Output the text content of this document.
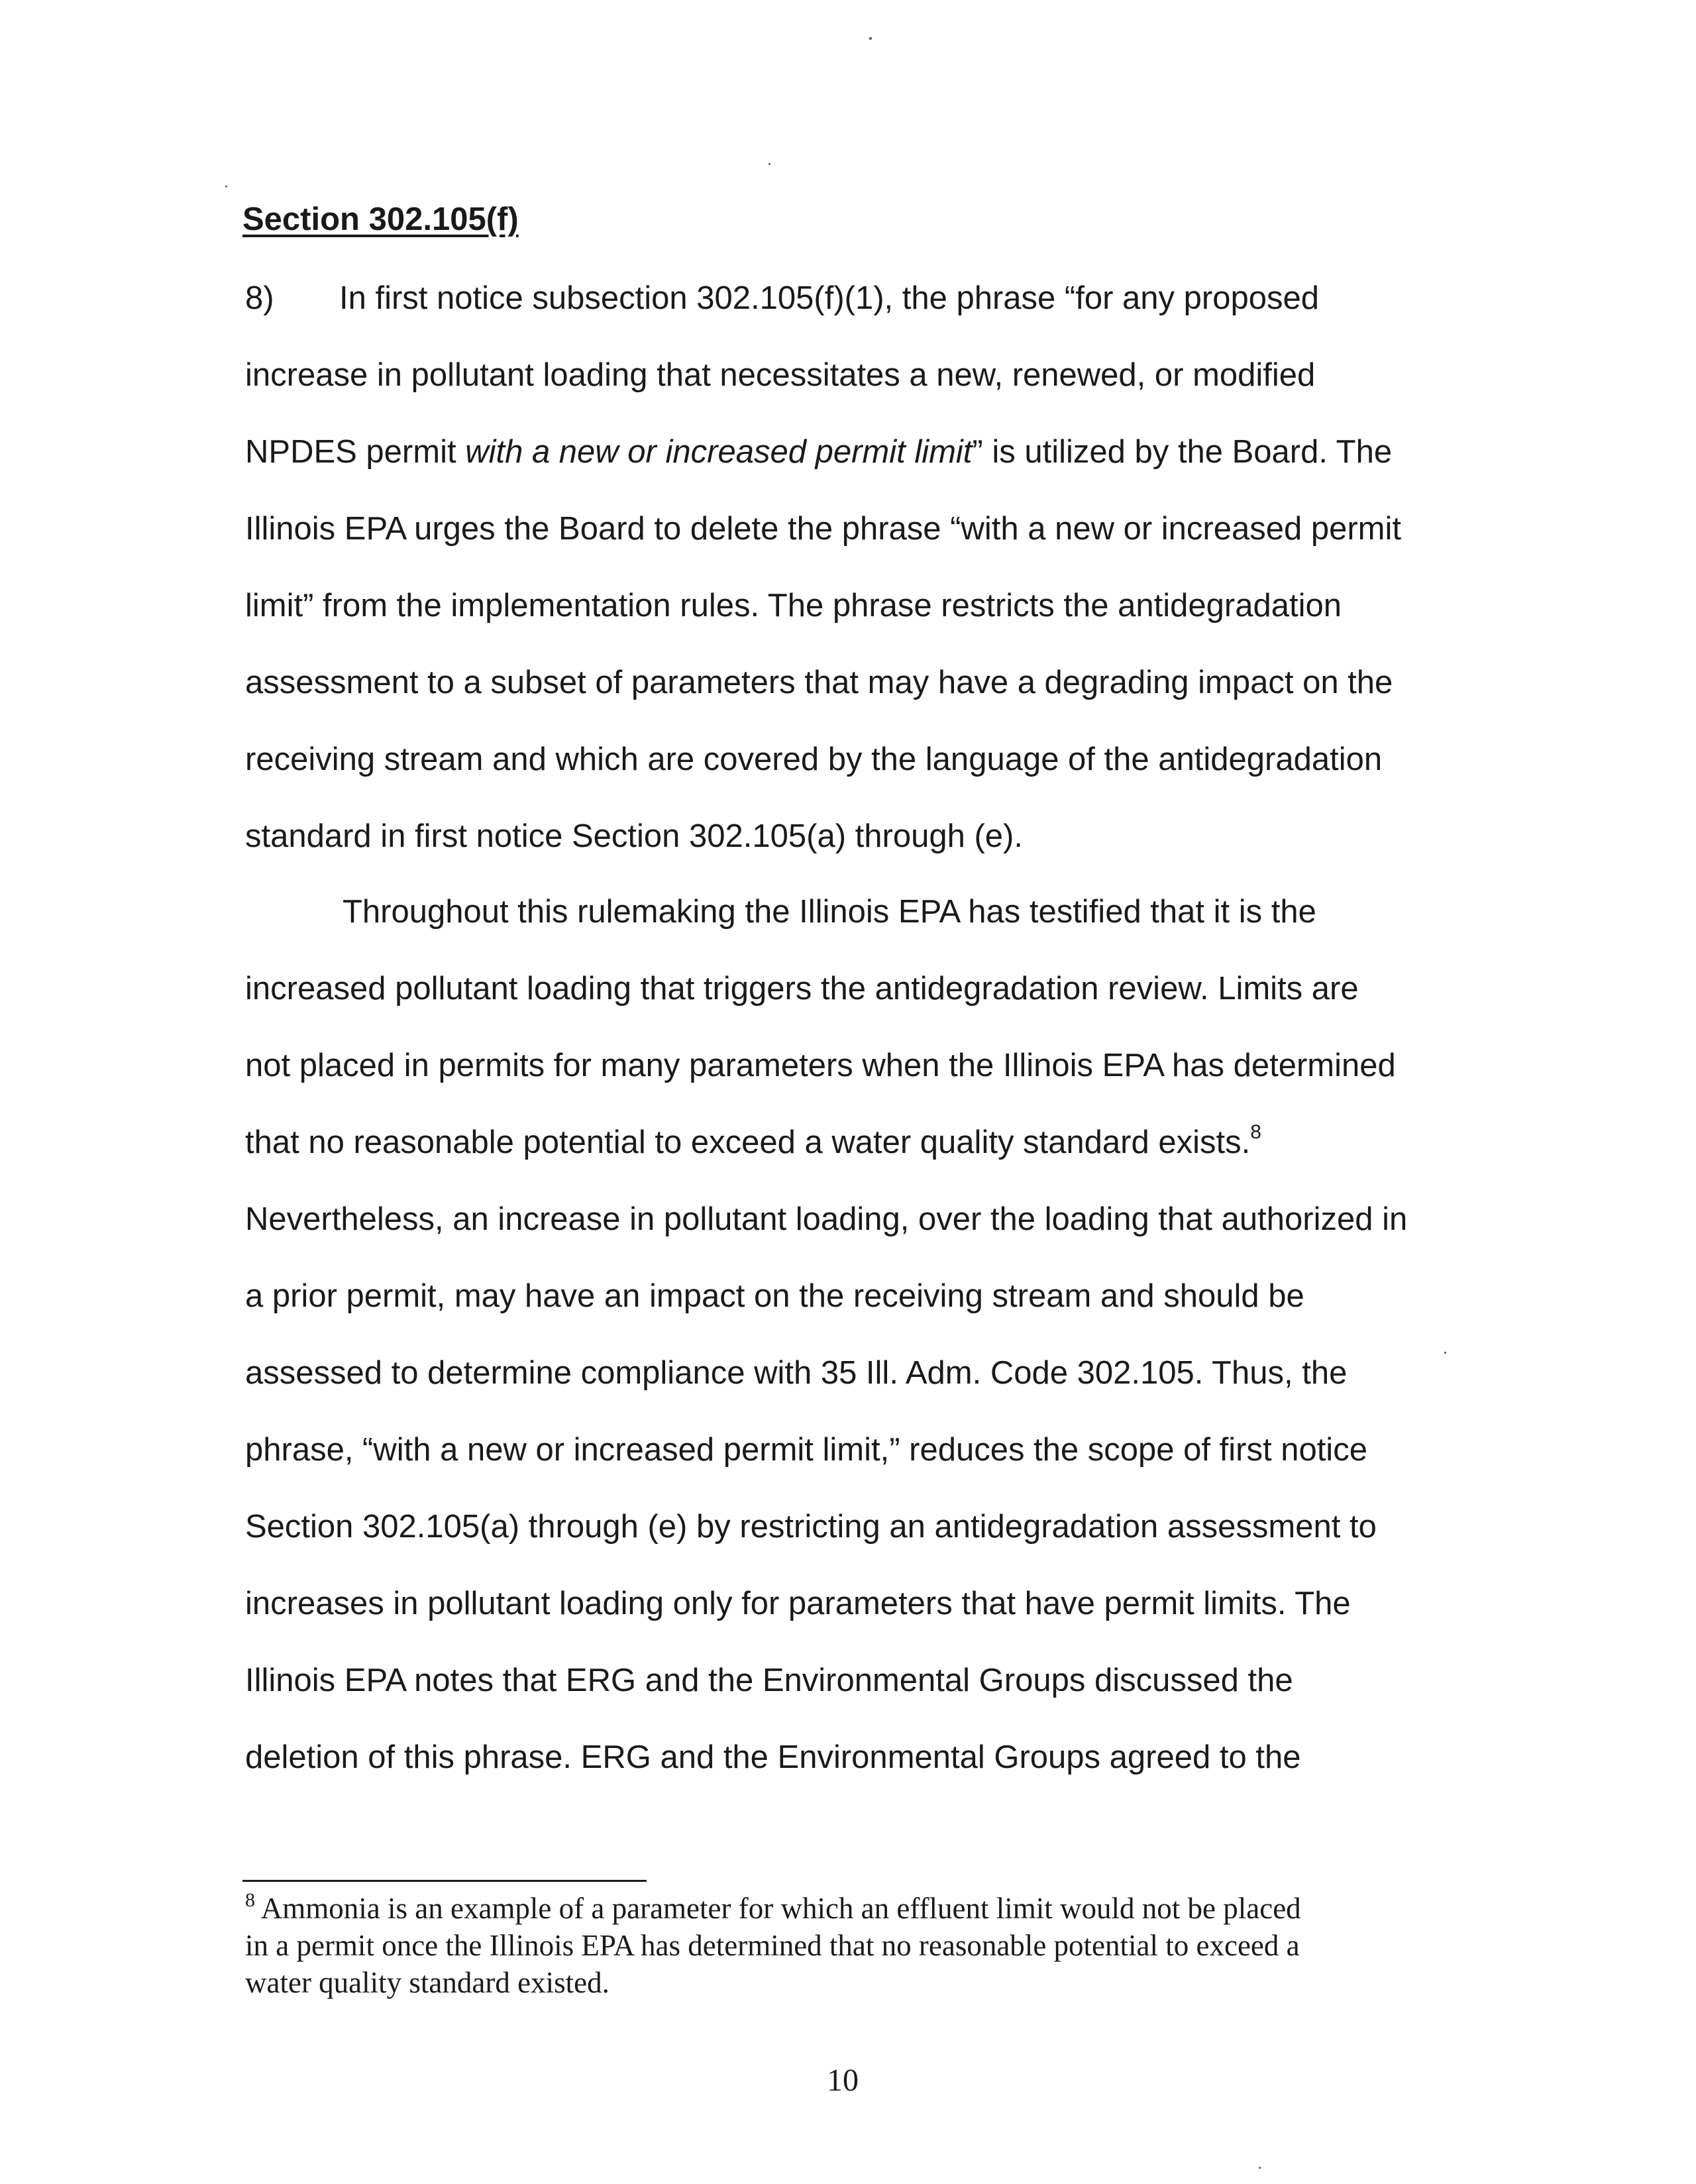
Section 302.105(f)
8) In first notice subsection 302.105(f)(1), the phrase “for any proposed
increase in pollutant loading that necessitates a new, renewed, or modified
NPDES permit with a new or increased permit limit” is utilized by the Board. The
Illinois EPA urges the Board to delete the phrase “with a new or increased permit
limit” from the implementation rules. The phrase restricts the antidegradation
assessment to a subset of parameters that may have a degrading impact on the
receiving stream and which are covered by the language of the antidegradation
standard in first notice Section 302.105(a) through (e).
Throughout this rulemaking the Illinois EPA has testified that it is the
increased pollutant loading that triggers the antidegradation review. Limits are
not placed in permits for many parameters when the Illinois EPA has determined
that no reasonable potential to exceed a water quality standard exists.$^8$
Nevertheless, an increase in pollutant loading, over the loading that authorized in
a prior permit, may have an impact on the receiving stream and should be
assessed to determine compliance with 35 Ill. Adm. Code 302.105. Thus, the
phrase, “with a new or increased permit limit,” reduces the scope of first notice
Section 302.105(a) through (e) by restricting an antidegradation assessment to
increases in pollutant loading only for parameters that have permit limits. The
Illinois EPA notes that ERG and the Environmental Groups discussed the
deletion of this phrase. ERG and the Environmental Groups agreed to the
$^8$ Ammonia is an example of a parameter for which an effluent limit would not be placed
in a permit once the Illinois EPA has determined that no reasonable potential to exceed a
water quality standard existed.
10
